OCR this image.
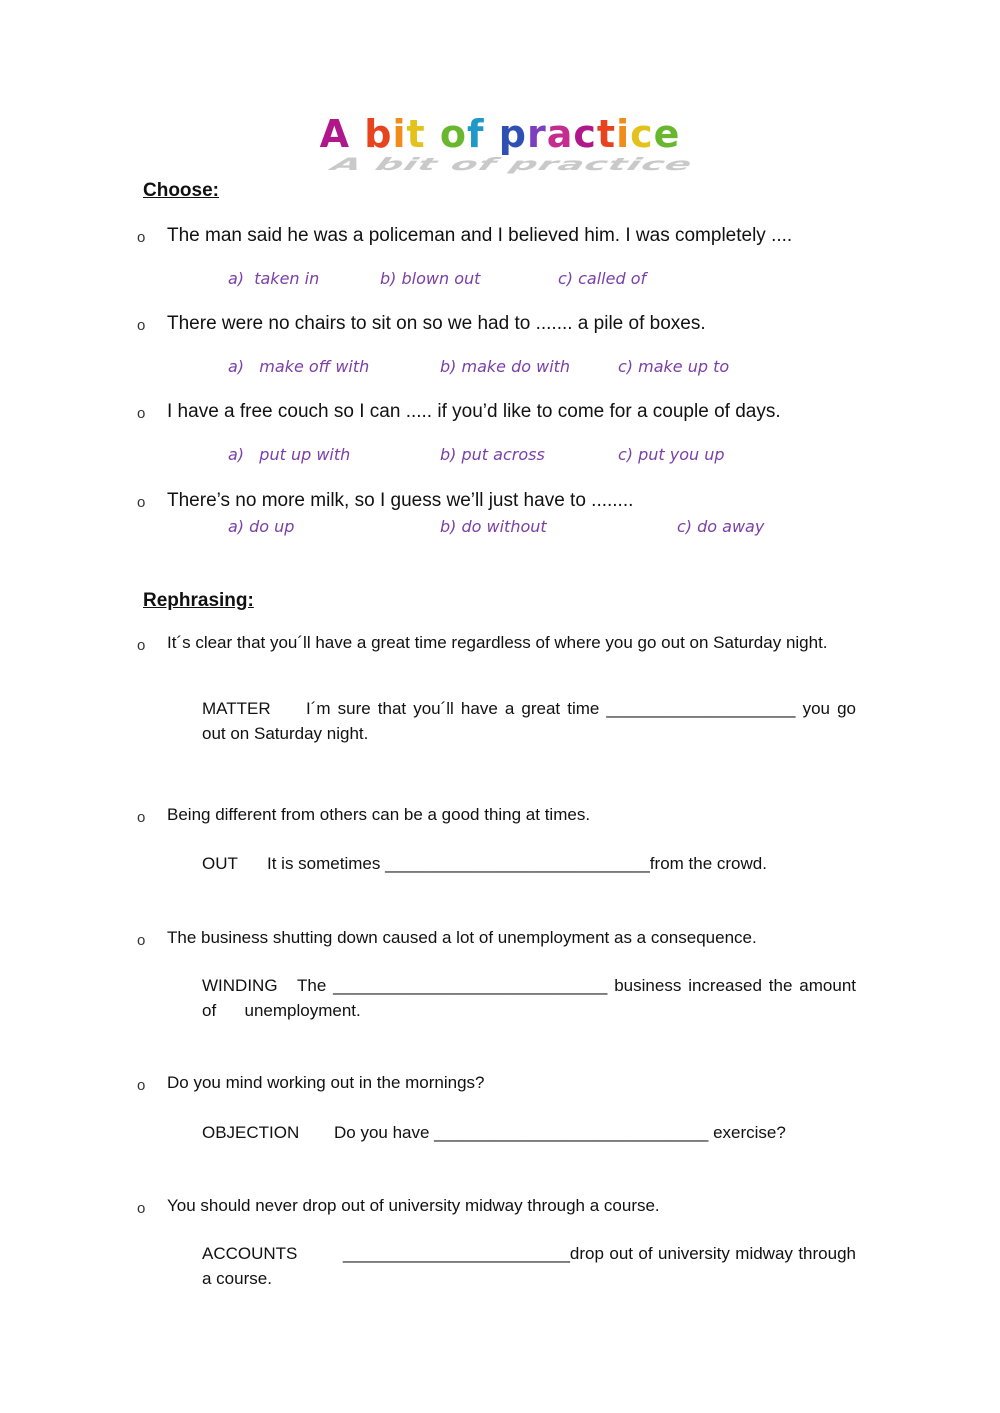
A bit of practice
A bit of practice
Choose:
o The man said he was a policeman and I believed him. I was completely ....
a)  taken in	b) blown out	c) called of
o There were no chairs to sit on so we had to ....... a pile of boxes.
a)   make off with	b) make do with	c) make up to
o I have a free couch so I can ..... if you’d like to come for a couple of days.
a)   put up with	b) put across	c) put you up
o There’s no more milk, so I guess we’ll just have to ........
a) do up	b) do without	c) do away
Rephrasing:
o It´s clear that you´ll have a great time regardless of where you go out on Saturday night.
MATTER I´m sure that you´ll have a great time ____________________ you go out on Saturday night.
o Being different from others can be a good thing at times.
OUT It is sometimes ____________________________from the crowd.
o The business shutting down caused a lot of unemployment as a consequence.
WINDING The _____________________________ business increased the amount of      unemployment.
o Do you mind working out in the mornings?
OBJECTION Do you have _____________________________ exercise?
o You should never drop out of university midway through a course.
ACCOUNTS	________________________drop out of university midway through a course.
